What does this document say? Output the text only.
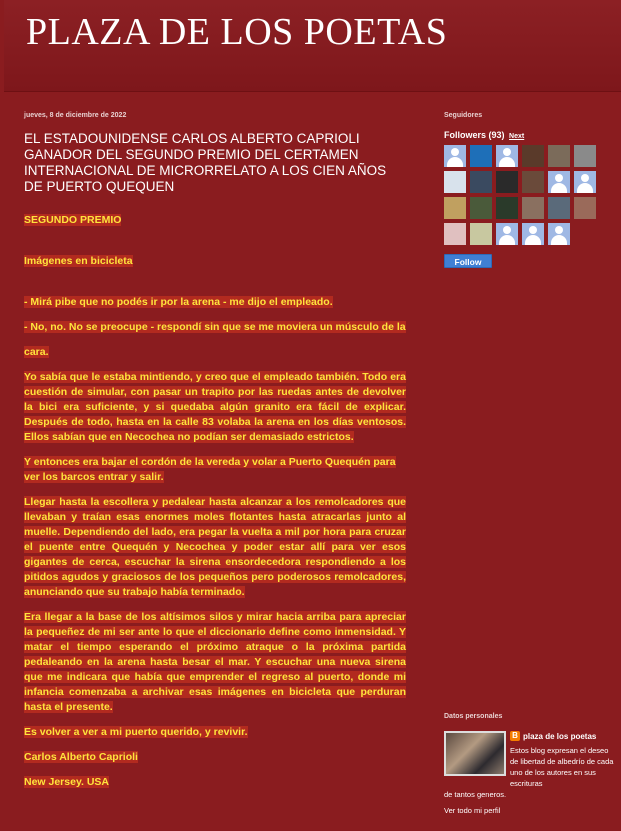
PLAZA DE LOS POETAS
jueves, 8 de diciembre de 2022
EL ESTADOUNIDENSE CARLOS ALBERTO CAPRIOLI GANADOR DEL SEGUNDO PREMIO DEL CERTAMEN INTERNACIONAL DE MICRORRELATO A LOS CIEN AÑOS DE PUERTO QUEQUEN
SEGUNDO PREMIO
Imágenes en bicicleta
- Mirá pibe que no podés ir por la arena - me dijo el empleado.
- No, no. No se preocupe - respondí sin que se me moviera un músculo de la
cara.
Yo sabía que le estaba mintiendo, y creo que el empleado también. Todo era cuestión de simular, con pasar un trapito por las ruedas antes de devolver la bici era suficiente, y si quedaba algún granito era fácil de explicar. Después de todo, hasta en la calle 83 volaba la arena en los días ventosos. Ellos sabían que en Necochea no podían ser demasiado estrictos.
Y entonces era bajar el cordón de la vereda y volar a Puerto Quequén para ver los barcos entrar y salir.
Llegar hasta la escollera y pedalear hasta alcanzar a los remolcadores que llevaban y traían esas enormes moles flotantes hasta atracarlas junto al muelle. Dependiendo del lado, era pegar la vuelta a mil por hora para cruzar el puente entre Quequén y Necochea y poder estar allí para ver esos gigantes de cerca, escuchar la sirena ensordecedora respondiendo a los pitidos agudos y graciosos de los pequeños pero poderosos remolcadores, anunciando que su trabajo había terminado.
Era llegar a la base de los altísimos silos y mirar hacia arriba para apreciar la pequeñez de mi ser ante lo que el diccionario define como inmensidad. Y matar el tiempo esperando el próximo atraque o la próxima partida pedaleando en la arena hasta besar el mar. Y escuchar una nueva sirena que me indicara que había que emprender el regreso al puerto, donde mi infancia comenzaba a archivar esas imágenes en bicicleta que perduran hasta el presente.
Es volver a ver a mi puerto querido, y revivir.
Carlos Alberto Caprioli
New Jersey. USA
Seguidores
Followers (93) Next
Follow
Datos personales
B plaza de los poetas
Estos blog expresan el deseo de libertad de albedrío de cada uno de los autores en sus escrituras
de tantos generos.
Ver todo mi perfil
